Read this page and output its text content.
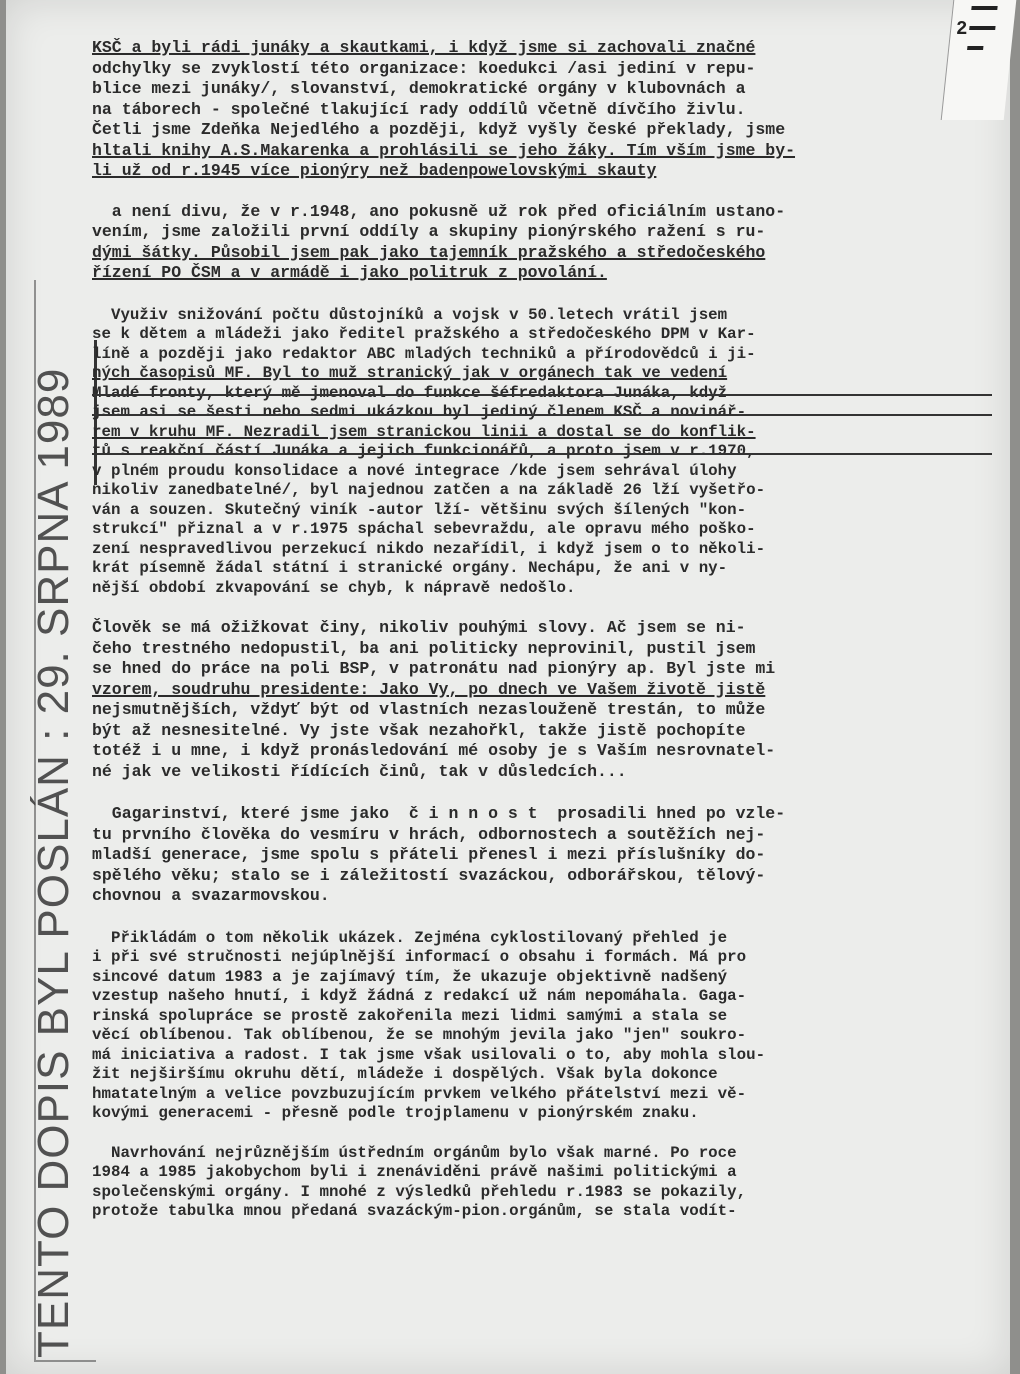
2
TENTO DOPIS BYL POSLÁN : 29. SRPNA 1989

KSČ a byli rádi junáky a skautkami, i když jsme si zachovali značné

odchylky se zvyklostí této organizace: koedukci /asi jediní v repu-

blice mezi junáky/, slovanství, demokratické orgány v klubovnách a

na táborech - společné tlakující rady oddílů včetně dívčího živlu.

Četli jsme Zdeňka Nejedlého a později, když vyšly české překlady, jsme

hltali knihy A.S.Makarenka a prohlásili se jeho žáky. Tím vším jsme by-

li už od r.1945 více pionýry než badenpowelovskými skauty

a není divu, že v r.1948, ano pokusně už rok před oficiálním ustano-

vením, jsme založili první oddíly a skupiny pionýrského ražení s ru-

dými šátky. Působil jsem pak jako tajemník pražského a středočeského

řízení PO ČSM a v armádě i jako politruk z povolání.

Využiv snižování počtu důstojníků a vojsk v 50.letech vrátil jsem

se k dětem a mládeži jako ředitel pražského a středočeského DPM v Kar-

líně a později jako redaktor ABC mladých techniků a přírodovědců i ji-

ných časopisů MF. Byl to muž stranický jak v orgánech tak ve vedení

Mladé fronty, který mě jmenoval do funkce šéfredaktora Junáka, když

jsem asi se šesti nebo sedmi ukázkou byl jediný členem KSČ a novinář-

rem v kruhu MF. Nezradil jsem stranickou linii a dostal se do konflik-

tů s reakční částí Junáka a jejich funkcionářů, a proto jsem v r.1970,

v plném proudu konsolidace a nové integrace /kde jsem sehrával úlohy

nikoliv zanedbatelné/, byl najednou zatčen a na základě 26 lží vyšetřo-

ván a souzen. Skutečný viník -autor lží- většinu svých šílených "kon-

strukcí" přiznal a v r.1975 spáchal sebevraždu, ale opravu mého poško-

zení nespravedlivou perzekucí nikdo nezařídil, i když jsem o to několi-

krát písemně žádal státní i stranické orgány. Nechápu, že ani v ny-

nější období zkvapování se chyb, k nápravě nedošlo.

Člověk se má ožižkovat činy, nikoliv pouhými slovy. Ač jsem se ni-

čeho trestného nedopustil, ba ani politicky neprovinil, pustil jsem

se hned do práce na poli BSP, v patronátu nad pionýry ap. Byl jste mi

vzorem, soudruhu presidente: Jako Vy, po dnech ve Vašem životě jistě

nejsmutnějších, vždyť být od vlastních nezaslouženě trestán, to může

být až nesnesitelné. Vy jste však nezahořkl, takže jistě pochopíte

totéž i u mne, i když pronásledování mé osoby je s Vaším nesrovnatel-

né jak ve velikosti řídících činů, tak v důsledcích...

Gagarinství, které jsme jako  č i n n o s t  prosadili hned po vzle-

tu prvního člověka do vesmíru v hrách, odbornostech a soutěžích nej-

mladší generace, jsme spolu s přáteli přenesl i mezi příslušníky do-

spělého věku; stalo se i záležitostí svazáckou, odborářskou, tělový-

chovnou a svazarmovskou.

Přikládám o tom několik ukázek. Zejména cyklostilovaný přehled je

i při své stručnosti nejúplnější informací o obsahu i formách. Má pro

sincové datum 1983 a je zajímavý tím, že ukazuje objektivně nadšený

vzestup našeho hnutí, i když žádná z redakcí už nám nepomáhala. Gaga-

rinská spolupráce se prostě zakořenila mezi lidmi samými a stala se

věcí oblíbenou. Tak oblíbenou, že se mnohým jevila jako "jen" soukro-

má iniciativa a radost. I tak jsme však usilovali o to, aby mohla slou-

žit nejširšímu okruhu dětí, mládeže i dospělých. Však byla dokonce

hmatatelným a velice povzbuzujícím prvkem velkého přátelství mezi vě-

kovými generacemi - přesně podle trojplamenu v pionýrském znaku.

Navrhování nejrůznějším ústředním orgánům bylo však marné. Po roce

1984 a 1985 jakobychom byli i znenáviděni právě našimi politickými a

společenskými orgány. I mnohé z výsledků přehledu r.1983 se pokazily,

protože tabulka mnou předaná svazáckým-pion.orgánům, se stala vodít-
